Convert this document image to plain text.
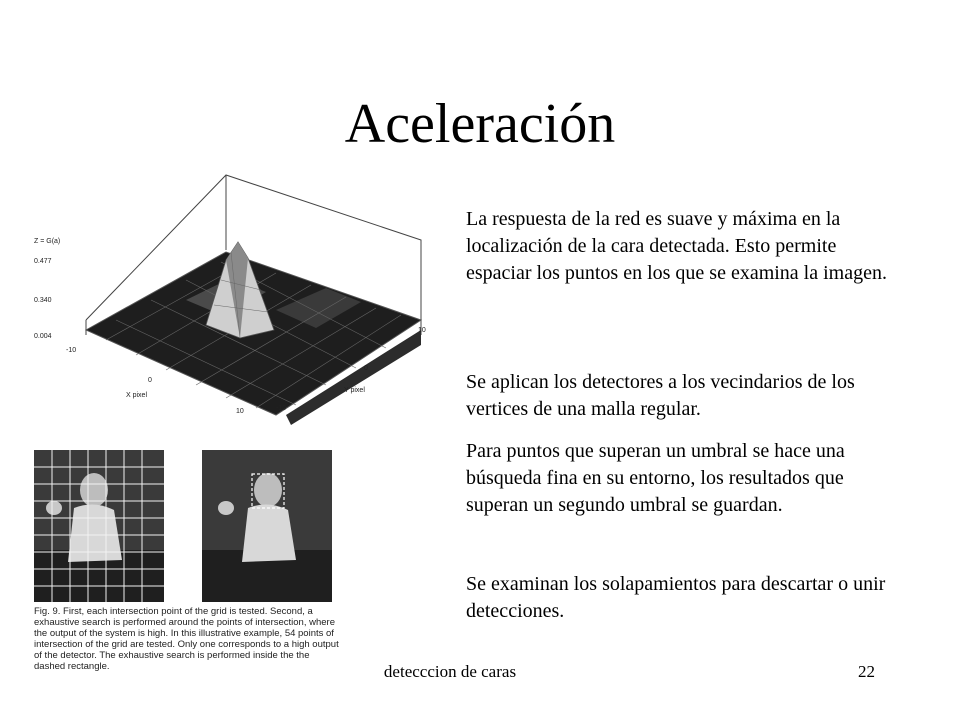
Aceleración
Z = G(a)
0.477
0.340
0.004
-10
0
10
X pixel
10
0
-10
Y pixel
Fig. 9. First, each intersection point of the grid is tested. Second, a exhaustive search is performed around the points of intersection, where the output of the system is high. In this illustrative example, 54 points of intersection of the grid are tested. Only one corresponds to a high output of the detector. The exhaustive search is performed inside the the dashed rectangle.
La respuesta de la red es suave y máxima en la localización de la cara detectada. Esto permite espaciar los puntos en los que se examina la imagen.
Se aplican los detectores a los vecindarios de los vertices de una malla regular.
Para puntos que superan un umbral se hace una búsqueda fina en su entorno, los resultados que superan un segundo umbral se guardan.
Se examinan los solapamientos para descartar o unir detecciones.
detecccion de caras	22
